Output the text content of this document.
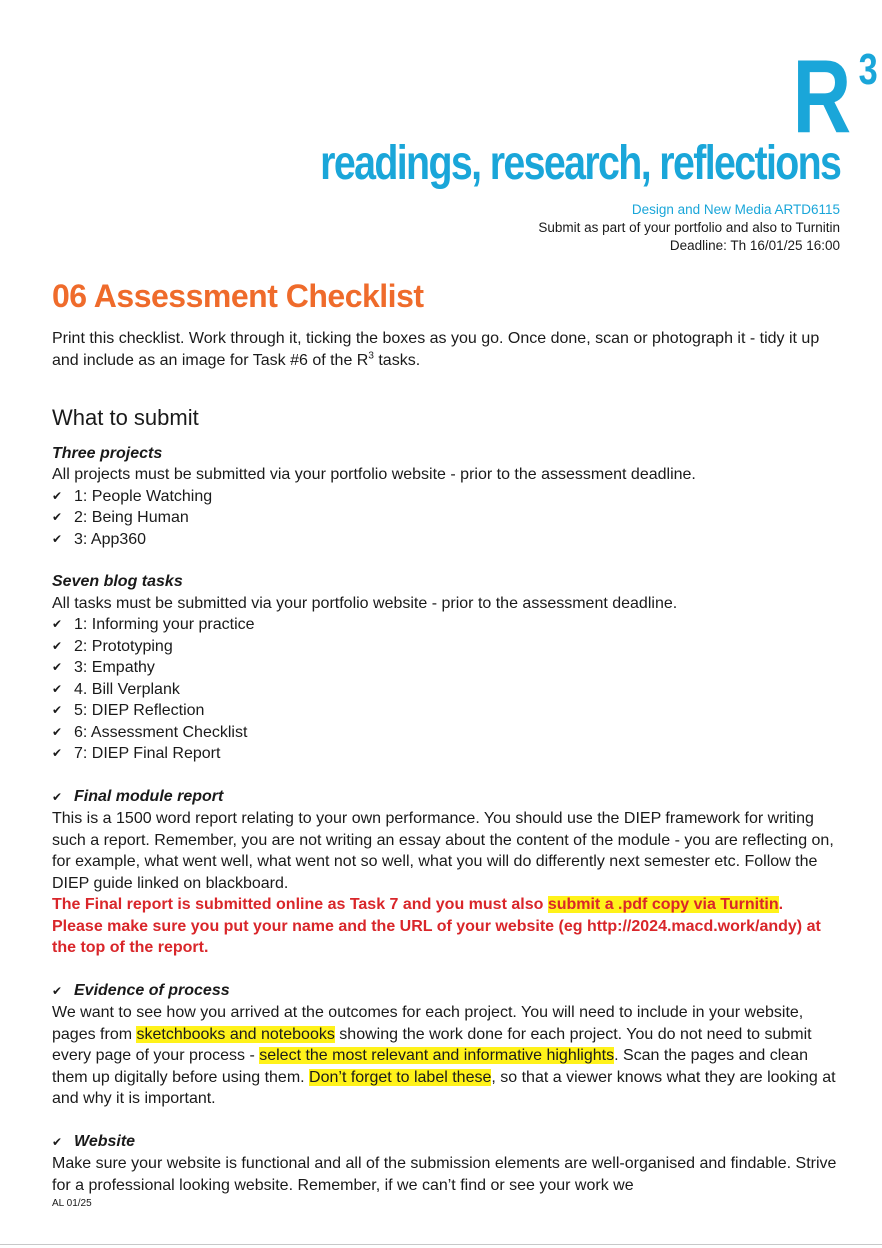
R 3
readings, research, reflections
Design and New Media ARTD6115
Submit as part of your portfolio and also to Turnitin
Deadline: Th 16/01/25 16:00
06 Assessment Checklist

Print this checklist. Work through it, ticking the boxes as you go. Once done, scan or photograph it - tidy it up and include as an image for Task #6 of the $R^3$ tasks.

What to submit
Three projects
All projects must be submitted via your portfolio website - prior to the assessment deadline.
✔ 1: People Watching
✔ 2: Being Human
✔ 3: App360
Seven blog tasks
All tasks must be submitted via your portfolio website - prior to the assessment deadline.
✔ 1: Informing your practice
✔ 2: Prototyping
✔ 3: Empathy
✔ 4. Bill Verplank
✔ 5: DIEP Reflection
✔ 6: Assessment Checklist
✔ 7: DIEP Final Report
✔ Final module report

This is a 1500 word report relating to your own performance. You should use the DIEP framework for writing such a report. Remember, you are not writing an essay about the content of the module - you are reflecting on, for example, what went well, what went not so well, what you will do differently next semester etc. Follow the DIEP guide linked on blackboard.

The Final report is submitted online as Task 7 and you must also submit a .pdf copy via Turnitin.
Please make sure you put your name and the URL of your website (eg http://2024.macd.work/andy) at the top of the report.

✔ Evidence of process

We want to see how you arrived at the outcomes for each project. You will need to include in your website, pages from sketchbooks and notebooks showing the work done for each project. You do not need to submit every page of your process - select the most relevant and informative highlights. Scan the pages and clean them up digitally before using them. Don’t forget to label these, so that a viewer knows what they are looking at and why it is important.

✔ Website

Make sure your website is functional and all of the submission elements are well-organised and findable. Strive for a professional looking website. Remember, if we can’t find or see your work we

AL 01/25
